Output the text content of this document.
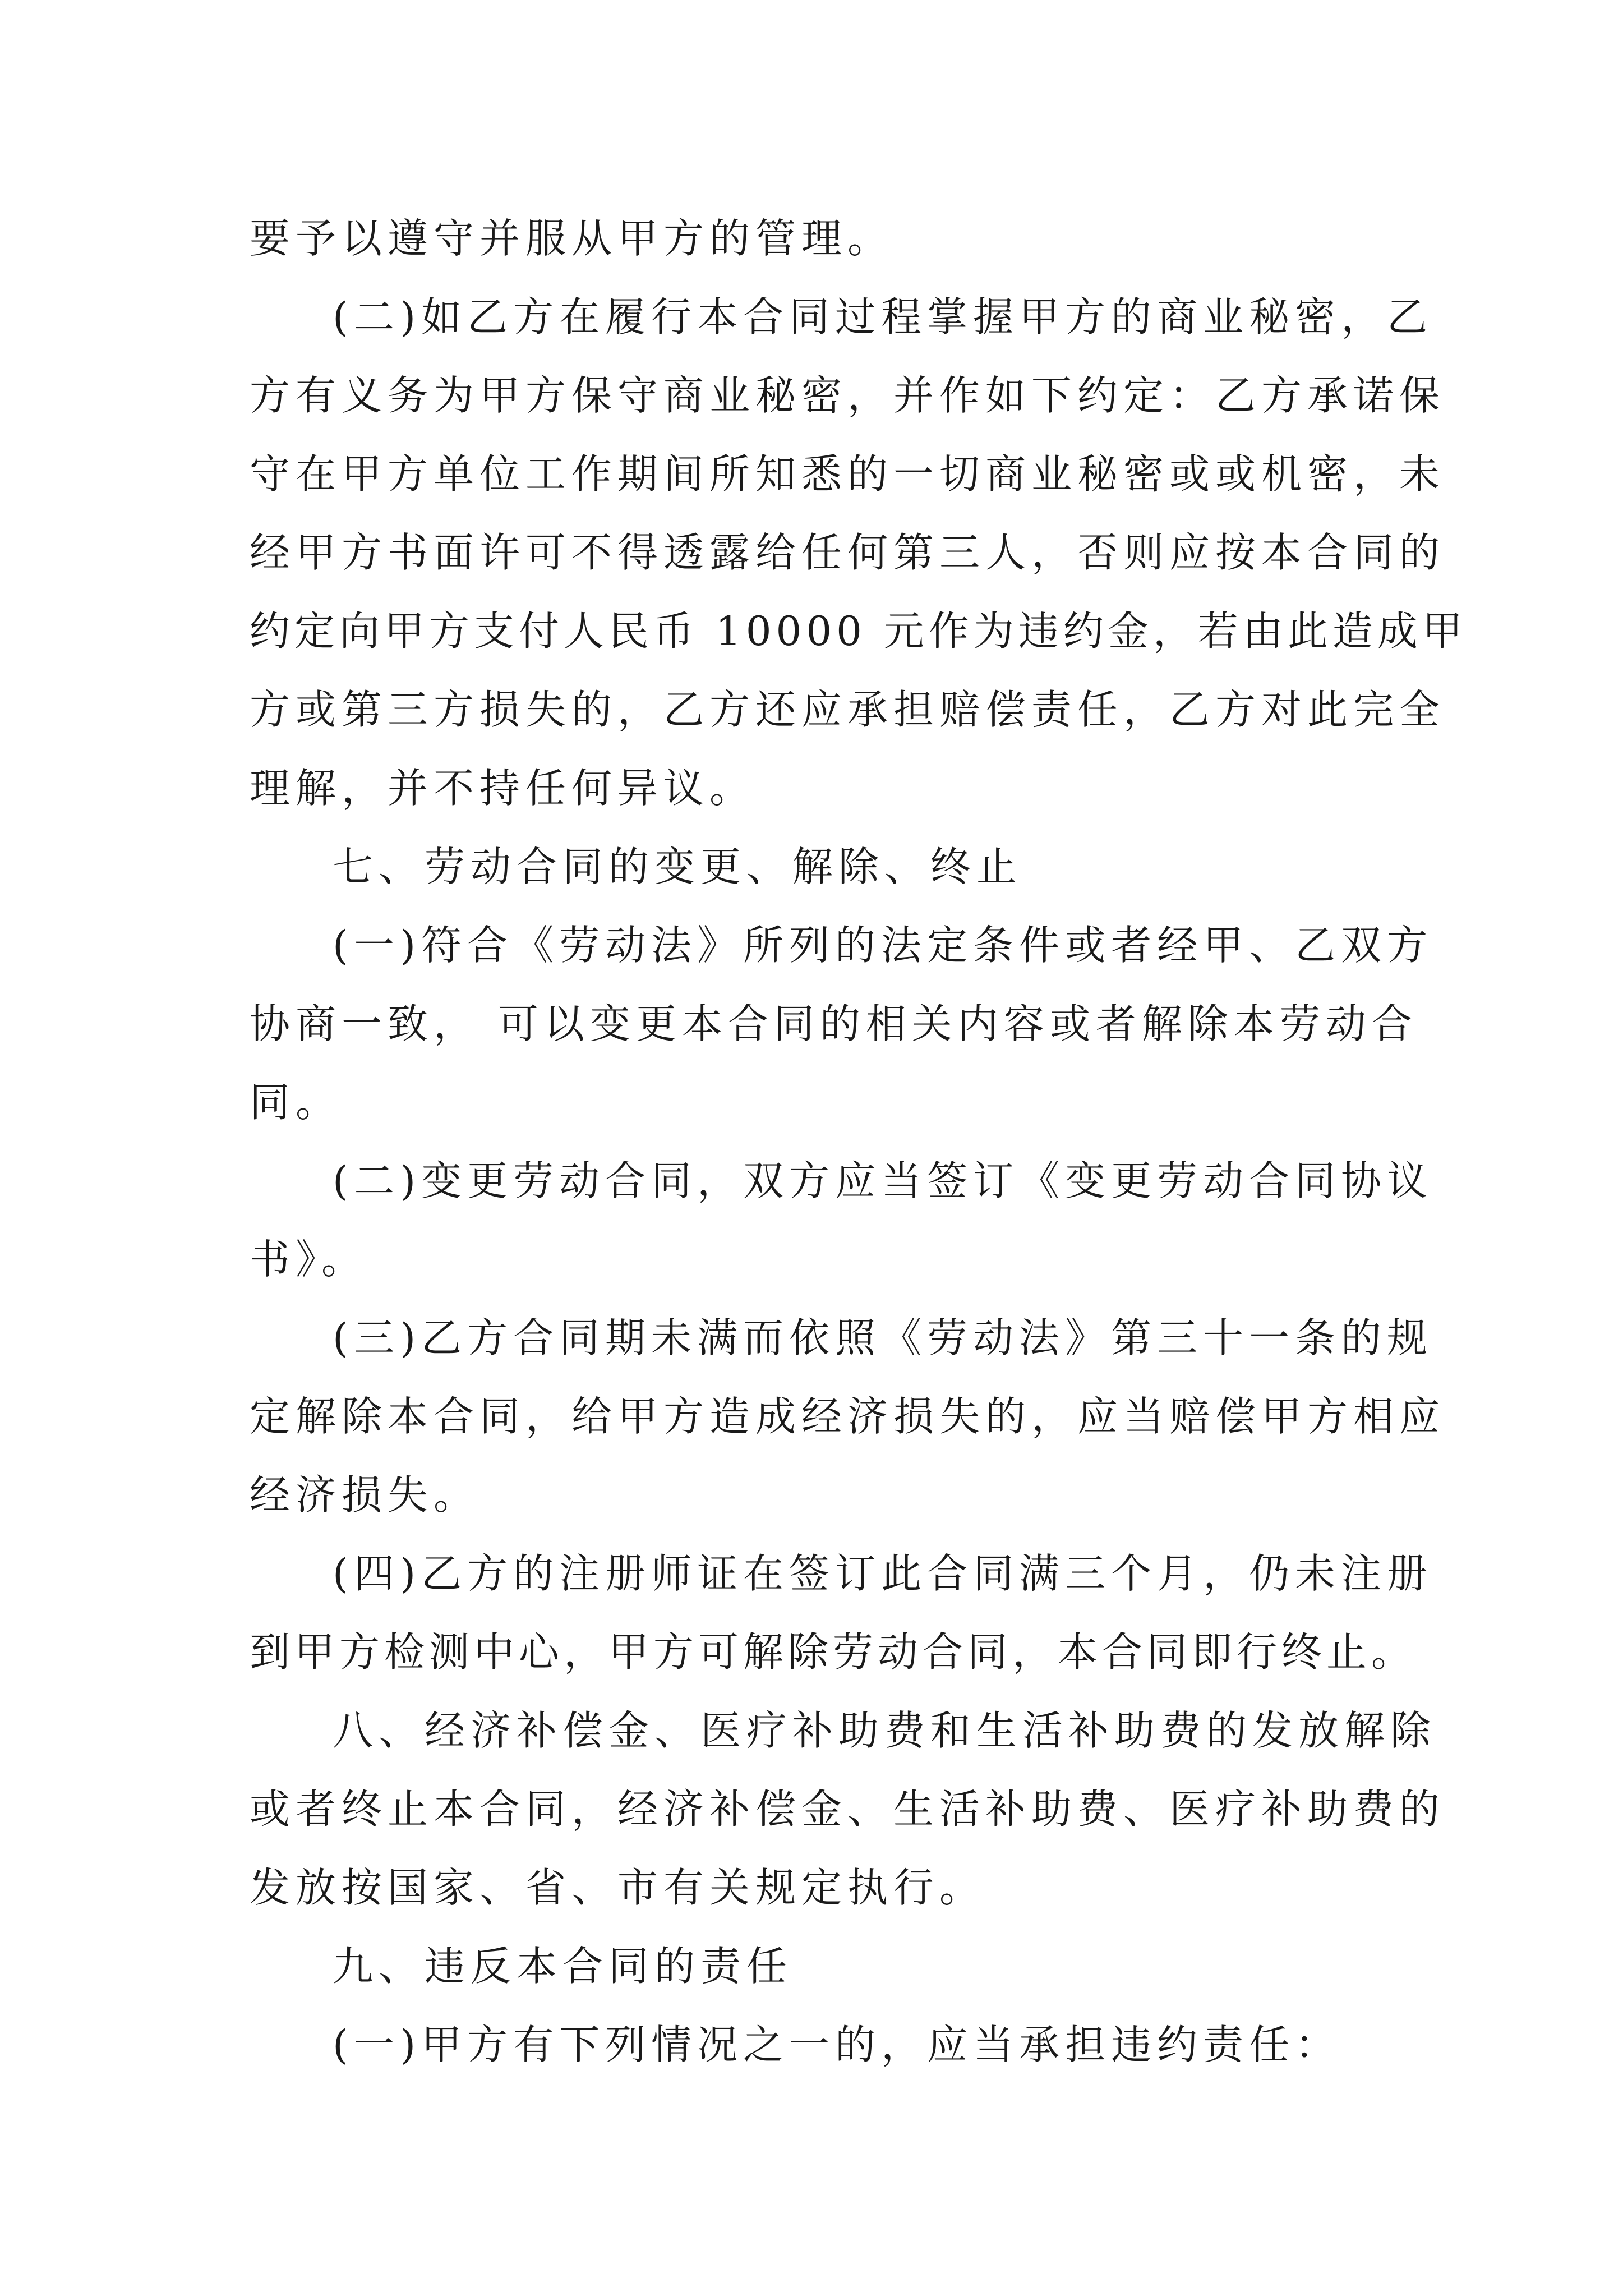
要予以遵守并服从甲方的管理。
(二)如乙方在履行本合同过程掌握甲方的商业秘密，乙
方有义务为甲方保守商业秘密，并作如下约定：乙方承诺保
守在甲方单位工作期间所知悉的一切商业秘密或或机密，未
经甲方书面许可不得透露给任何第三人，否则应按本合同的
约定向甲方支付人民币 10000 元作为违约金，若由此造成甲
方或第三方损失的，乙方还应承担赔偿责任，乙方对此完全
理解，并不持任何异议。
七、劳动合同的变更、解除、终止
(一)符合《劳动法》所列的法定条件或者经甲、乙双方
协商一致， 可以变更本合同的相关内容或者解除本劳动合
同。
(二)变更劳动合同，双方应当签订《变更劳动合同协议
书》。
(三)乙方合同期未满而依照《劳动法》第三十一条的规
定解除本合同，给甲方造成经济损失的，应当赔偿甲方相应
经济损失。
(四)乙方的注册师证在签订此合同满三个月，仍未注册
到甲方检测中心，甲方可解除劳动合同，本合同即行终止。
八、经济补偿金、医疗补助费和生活补助费的发放解除
或者终止本合同，经济补偿金、生活补助费、医疗补助费的
发放按国家、省、市有关规定执行。
九、违反本合同的责任
(一)甲方有下列情况之一的，应当承担违约责任：
